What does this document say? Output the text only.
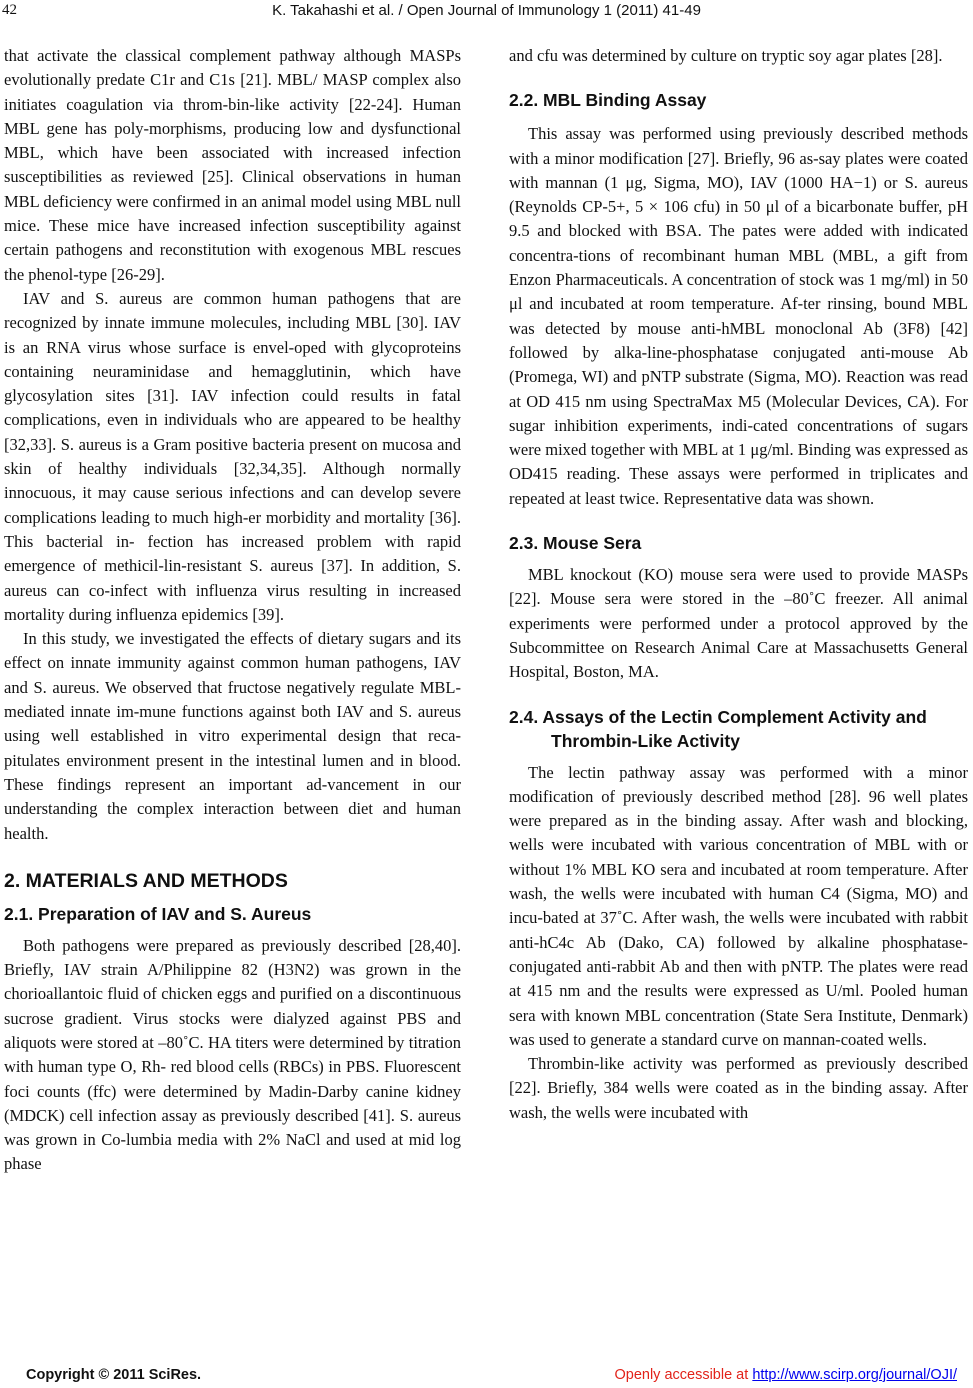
42	K. Takahashi et al. / Open Journal of Immunology 1 (2011) 41-49

that activate the classical complement pathway although MASPs evolutionally predate C1r and C1s [21]. MBL/ MASP complex also initiates coagulation via throm-bin-like activity [22-24]. Human MBL gene has poly-morphisms, producing low and dysfunctional MBL, which have been associated with increased infection susceptibilities as reviewed [25]. Clinical observations in human MBL deficiency were confirmed in an animal model using MBL null mice. These mice have increased infection susceptibility against certain pathogens and reconstitution with exogenous MBL rescues the phenol-type [26-29].

IAV and S. aureus are common human pathogens that are recognized by innate immune molecules, including MBL [30]. IAV is an RNA virus whose surface is envel-oped with glycoproteins containing neuraminidase and hemagglutinin, which have glycosylation sites [31]. IAV infection could results in fatal complications, even in individuals who are appeared to be healthy [32,33]. S. aureus is a Gram positive bacteria present on mucosa and skin of healthy individuals [32,34,35]. Although normally innocuous, it may cause serious infections and can develop severe complications leading to much high-er morbidity and mortality [36]. This bacterial in- fection has increased problem with rapid emergence of methicil-lin-resistant S. aureus [37]. In addition, S. aureus can co-infect with influenza virus resulting in increased mortality during influenza epidemics [39].

In this study, we investigated the effects of dietary sugars and its effect on innate immunity against common human pathogens, IAV and S. aureus. We observed that fructose negatively regulate MBL-mediated innate im-mune functions against both IAV and S. aureus using well established in vitro experimental design that reca-pitulates environment present in the intestinal lumen and in blood. These findings represent an important ad-vancement in our understanding the complex interaction between diet and human health.

2. MATERIALS AND METHODS
2.1. Preparation of IAV and S. Aureus

Both pathogens were prepared as previously described [28,40]. Briefly, IAV strain A/Philippine 82 (H3N2) was grown in the chorioallantoic fluid of chicken eggs and purified on a discontinuous sucrose gradient. Virus stocks were dialyzed against PBS and aliquots were stored at –80˚C. HA titers were determined by titration with human type O, Rh- red blood cells (RBCs) in PBS. Fluorescent foci counts (ffc) were determined by Madin-Darby canine kidney (MDCK) cell infection assay as previously described [41]. S. aureus was grown in Co-lumbia media with 2% NaCl and used at mid log phase

and cfu was determined by culture on tryptic soy agar plates [28].

2.2. MBL Binding Assay

This assay was performed using previously described methods with a minor modification [27]. Briefly, 96 as-say plates were coated with mannan (1 μg, Sigma, MO), IAV (1000 HA−1) or S. aureus (Reynolds CP-5+, 5 × 106 cfu) in 50 μl of a bicarbonate buffer, pH 9.5 and blocked with BSA. The pates were added with indicated concentra-tions of recombinant human MBL (MBL, a gift from Enzon Pharmaceuticals. A concentration of stock was 1 mg/ml) in 50 μl and incubated at room temperature. Af-ter rinsing, bound MBL was detected by mouse anti-hMBL monoclonal Ab (3F8) [42] followed by alka-line-phosphatase conjugated anti-mouse Ab (Promega, WI) and pNTP substrate (Sigma, MO). Reaction was read at OD 415 nm using SpectraMax M5 (Molecular Devices, CA). For sugar inhibition experiments, indi-cated concentrations of sugars were mixed together with MBL at 1 μg/ml. Binding was expressed as OD415 reading. These assays were performed in triplicates and repeated at least twice. Representative data was shown.

2.3. Mouse Sera

MBL knockout (KO) mouse sera were used to provide MASPs [22]. Mouse sera were stored in the –80˚C freezer. All animal experiments were performed under a protocol approved by the Subcommittee on Research Animal Care at Massachusetts General Hospital, Boston, MA.

2.4. Assays of the Lectin Complement Activity and Thrombin-Like Activity

The lectin pathway assay was performed with a minor modification of previously described method [28]. 96 well plates were prepared as in the binding assay. After wash and blocking, wells were incubated with various concentration of MBL with or without 1% MBL KO sera and incubated at room temperature. After wash, the wells were incubated with human C4 (Sigma, MO) and incu-bated at 37˚C. After wash, the wells were incubated with rabbit anti-hC4c Ab (Dako, CA) followed by alkaline phosphatase-conjugated anti-rabbit Ab and then with pNTP. The plates were read at 415 nm and the results were expressed as U/ml. Pooled human sera with known MBL concentration (State Sera Institute, Denmark) was used to generate a standard curve on mannan-coated wells.

Thrombin-like activity was performed as previously described [22]. Briefly, 384 wells were coated as in the binding assay. After wash, the wells were incubated with

Copyright © 2011 SciRes.	Openly accessible at http://www.scirp.org/journal/OJI/
